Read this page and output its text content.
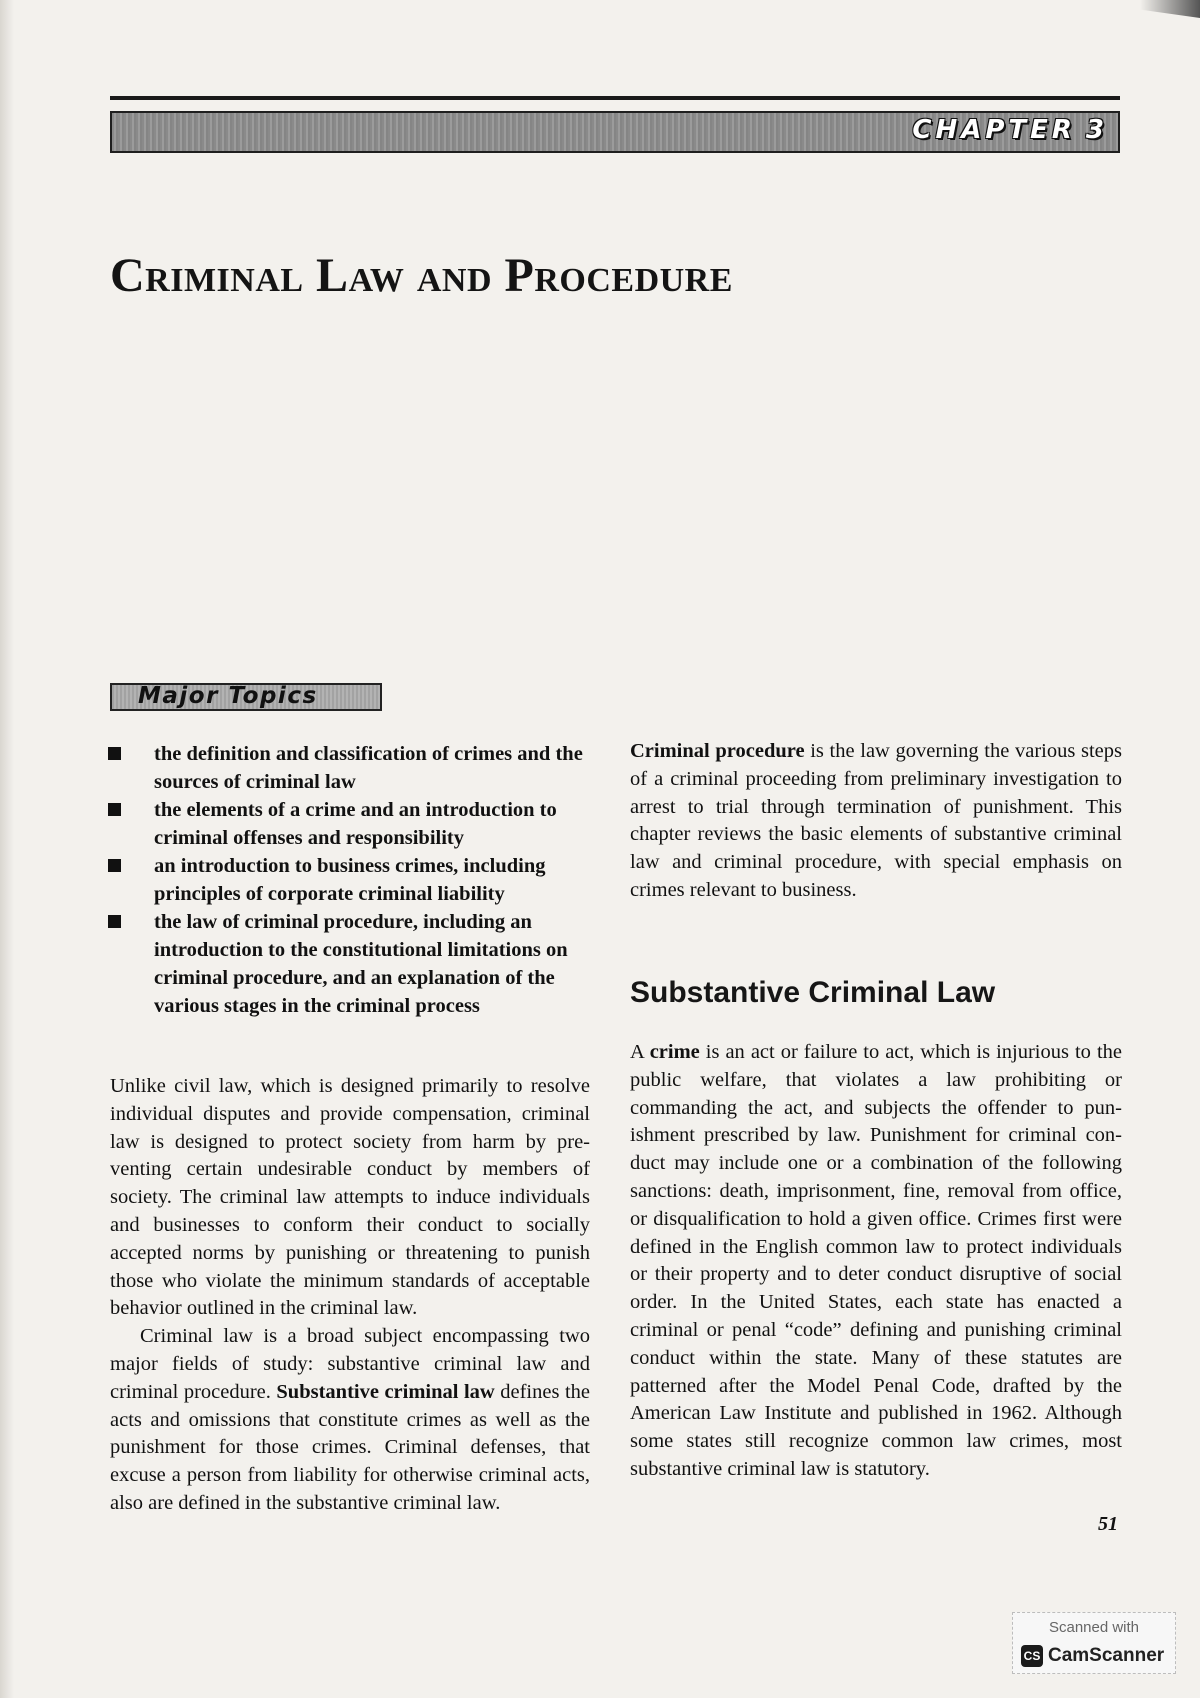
CHAPTER 3
Criminal Law and Procedure
Major Topics
the definition and classification of crimes and the sources of criminal law
the elements of a crime and an introduction to criminal offenses and responsibility
an introduction to business crimes, including principles of corporate criminal liability
the law of criminal procedure, including an introduction to the constitutional limitations on criminal procedure, and an explanation of the various stages in the criminal process

Unlike civil law, which is designed primarily to resolve individual disputes and provide compensation, criminal law is designed to protect society from harm by preventing certain undesirable conduct by members of society. The criminal law attempts to induce individuals and businesses to conform their conduct to socially accepted norms by punishing or threatening to punish those who violate the minimum standards of acceptable behavior outlined in the criminal law.

Criminal law is a broad subject encompassing two major fields of study: substantive criminal law and criminal procedure. Substantive criminal law defines the acts and omissions that constitute crimes as well as the punishment for those crimes. Criminal defenses, that excuse a person from liability for otherwise criminal acts, also are defined in the substantive criminal law.

Criminal procedure is the law governing the various steps of a criminal proceeding from preliminary investigation to arrest to trial through termination of punishment. This chapter reviews the basic elements of substantive criminal law and criminal procedure, with special emphasis on crimes relevant to business.

Substantive Criminal Law

A crime is an act or failure to act, which is injurious to the public welfare, that violates a law prohibiting or commanding the act, and subjects the offender to punishment prescribed by law. Punishment for criminal conduct may include one or a combination of the following sanctions: death, imprisonment, fine, removal from office, or disqualification to hold a given office. Crimes first were defined in the English common law to protect individuals or their property and to deter conduct disruptive of social order. In the United States, each state has enacted a criminal or penal “code” defining and punishing criminal conduct within the state. Many of these statutes are patterned after the Model Penal Code, drafted by the American Law Institute and published in 1962. Although some states still recognize common law crimes, most substantive criminal law is statutory.

51
Scanned with
CS CamScanner
